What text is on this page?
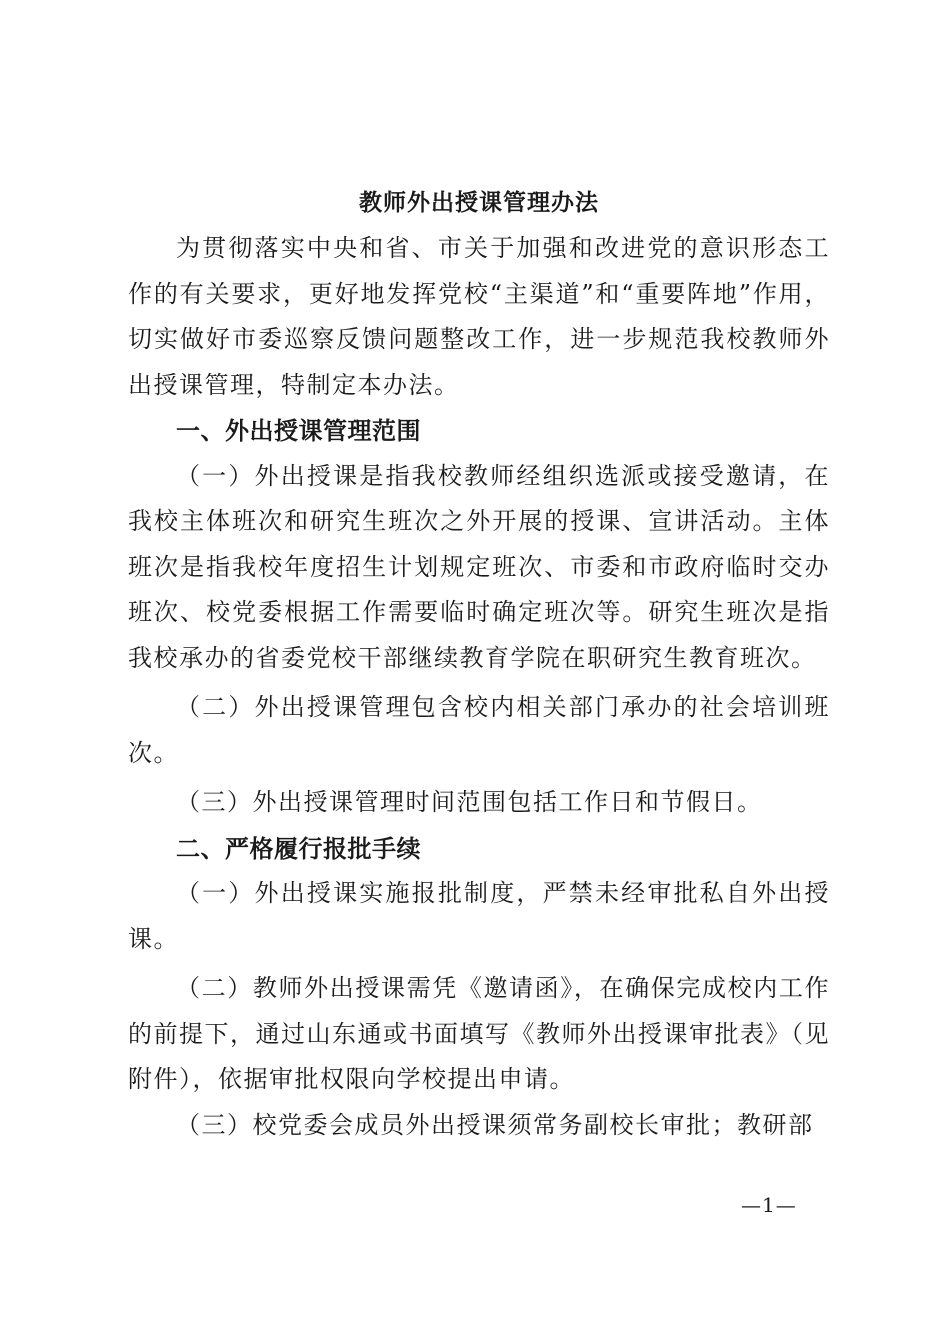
教师外出授课管理办法

为贯彻落实中央和省、市关于加强和改进党的意识形态工作的有关要求，更好地发挥党校“主渠道”和“重要阵地”作用，切实做好市委巡察反馈问题整改工作，进一步规范我校教师外出授课管理，特制定本办法。

一、外出授课管理范围

（一）外出授课是指我校教师经组织选派或接受邀请，在我校主体班次和研究生班次之外开展的授课、宣讲活动。主体班次是指我校年度招生计划规定班次、市委和市政府临时交办班次、校党委根据工作需要临时确定班次等。研究生班次是指我校承办的省委党校干部继续教育学院在职研究生教育班次。

（二）外出授课管理包含校内相关部门承办的社会培训班次。

（三）外出授课管理时间范围包括工作日和节假日。

二、严格履行报批手续

（一）外出授课实施报批制度，严禁未经审批私自外出授课。

（二）教师外出授课需凭《邀请函》，在确保完成校内工作的前提下，通过山东通或书面填写《教师外出授课审批表》（见附件），依据审批权限向学校提出申请。

（三）校党委会成员外出授课须常务副校长审批；教研部

—1—
